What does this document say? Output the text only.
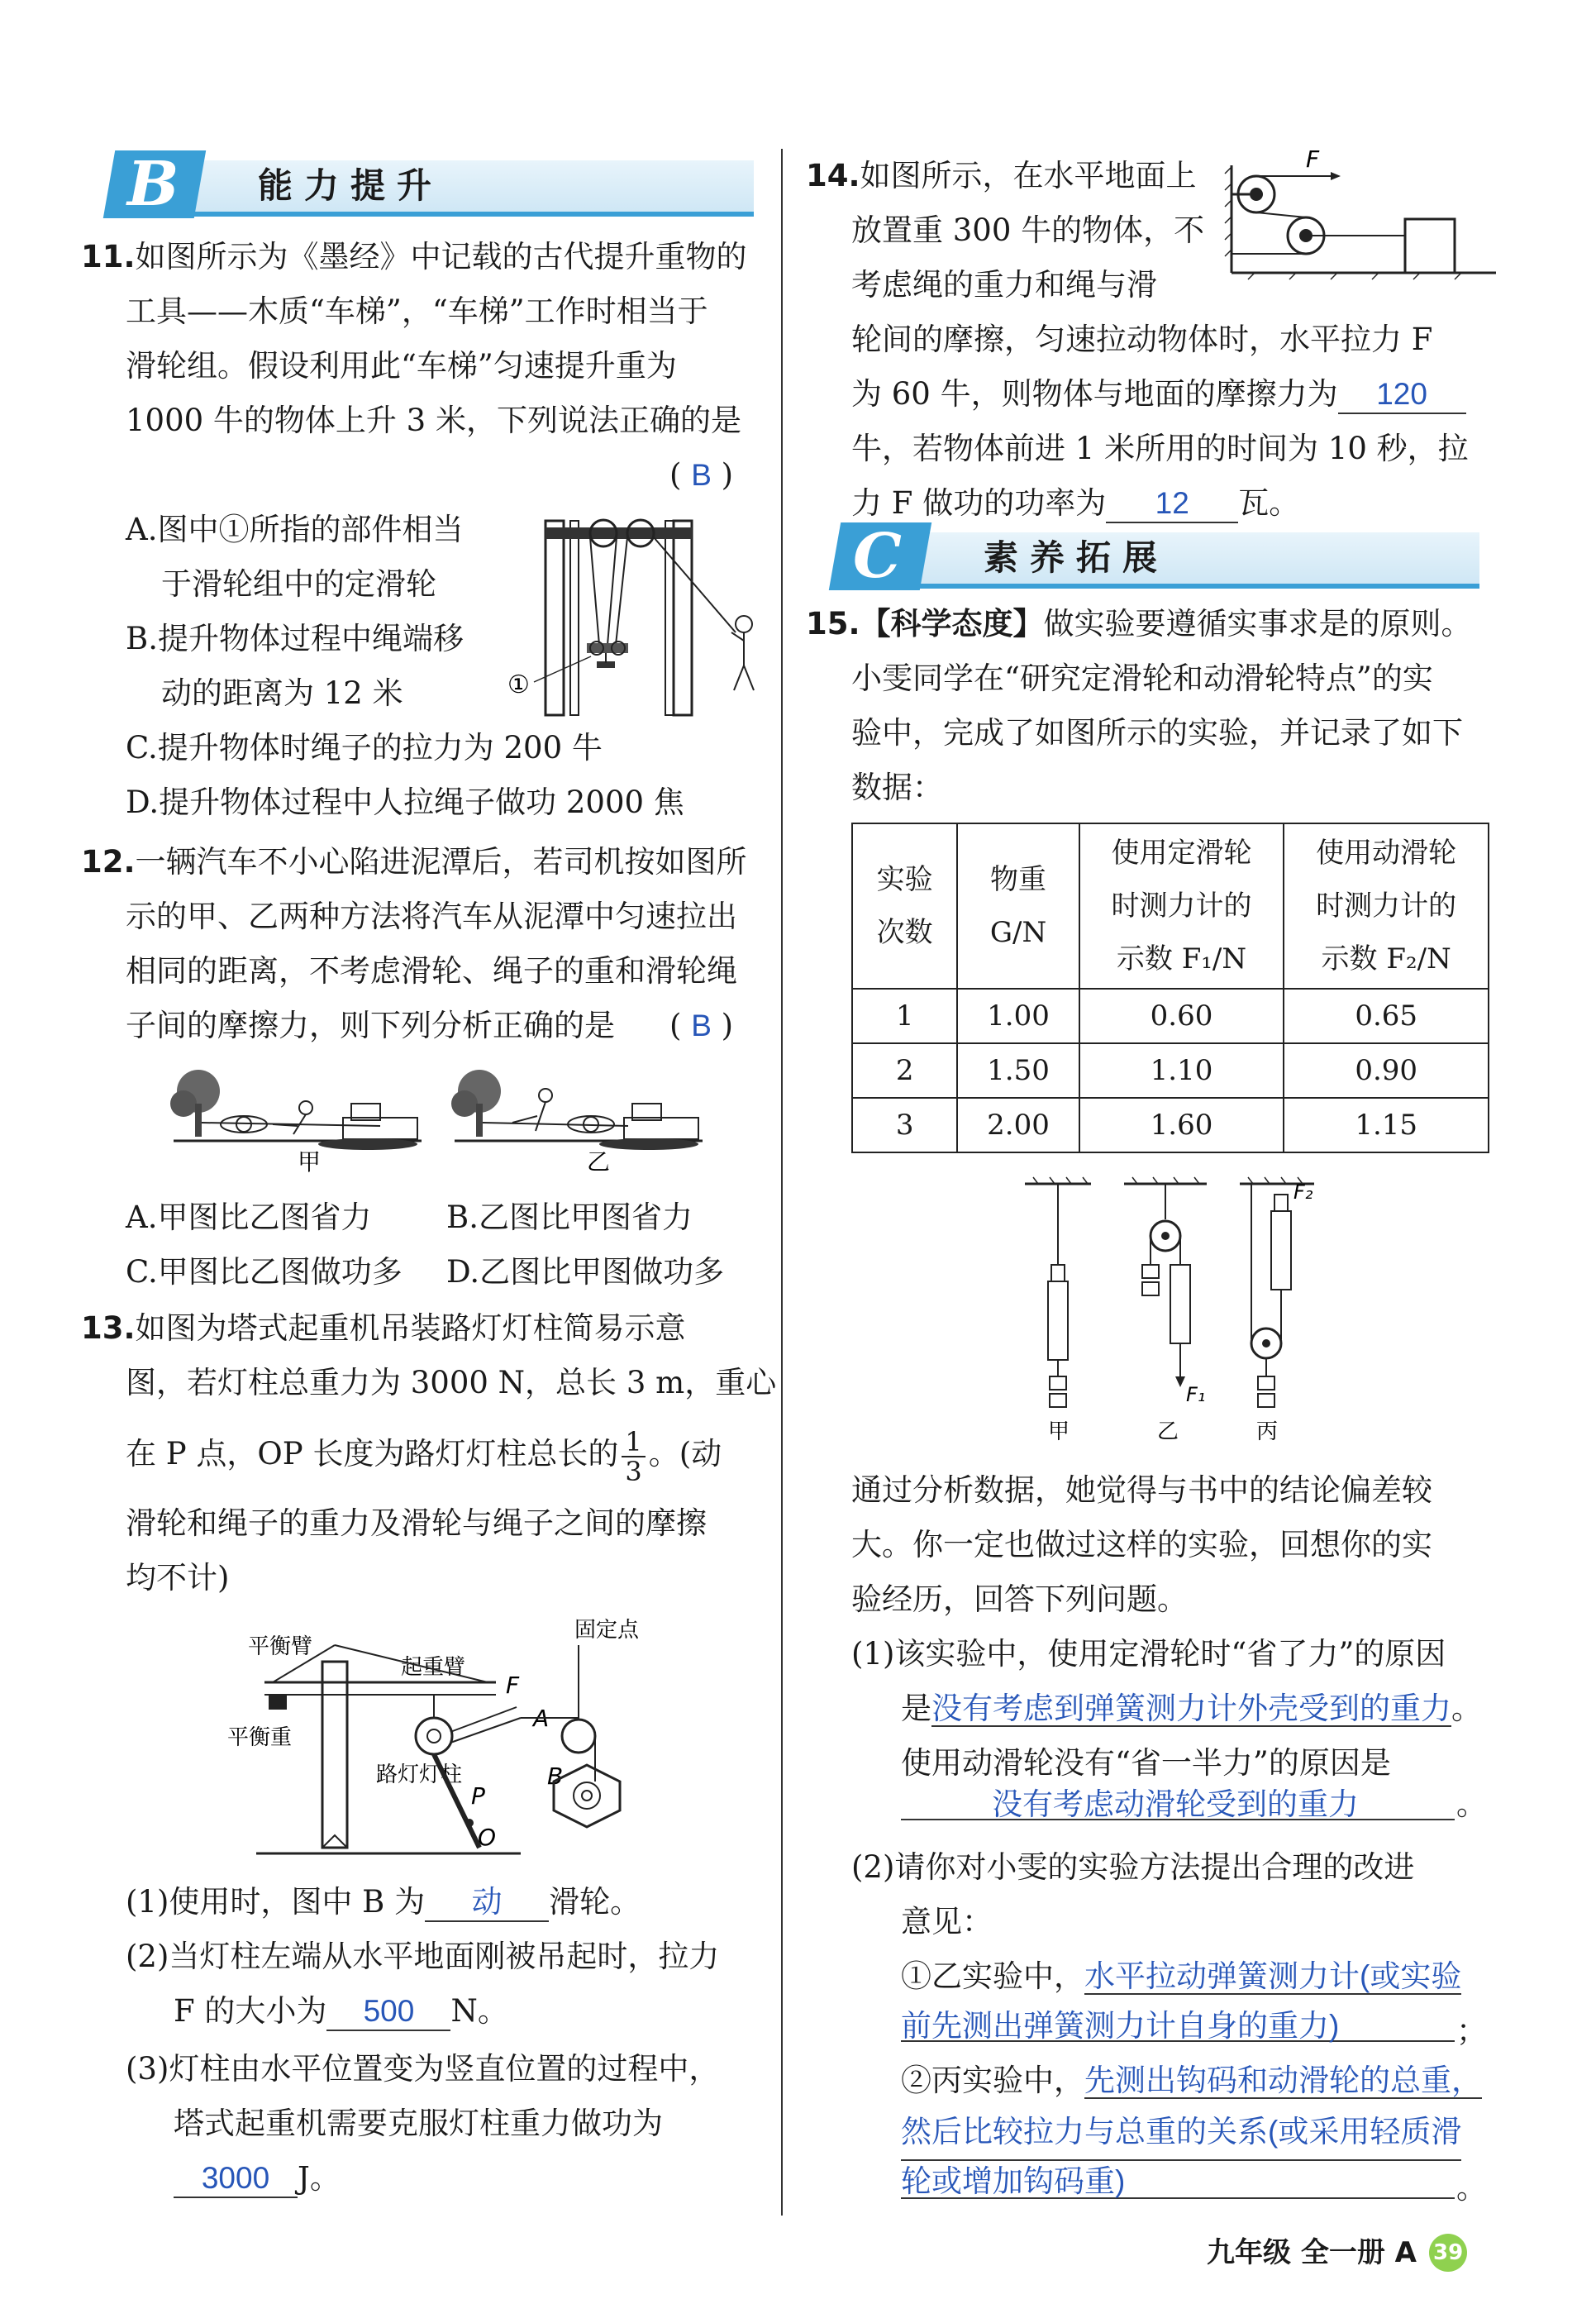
B 能力提升
11.如图所示为《墨经》中记载的古代提升重物的
工具——木质“车梯”，“车梯”工作时相当于
滑轮组。假设利用此“车梯”匀速提升重为
1000 牛的物体上升 3 米，下列说法正确的是
( B )
A.图中①所指的部件相当
于滑轮组中的定滑轮
B.提升物体过程中绳端移
动的距离为 12 米
C.提升物体时绳子的拉力为 200 牛
D.提升物体过程中人拉绳子做功 2000 焦
①
12.一辆汽车不小心陷进泥潭后，若司机按如图所
示的甲、乙两种方法将汽车从泥潭中匀速拉出
相同的距离，不考虑滑轮、绳子的重和滑轮绳
子间的摩擦力，则下列分析正确的是 ( B )
甲	乙
A.甲图比乙图省力 B.乙图比甲图省力
C.甲图比乙图做功多 D.乙图比甲图做功多
13.如图为塔式起重机吊装路灯灯柱简易示意
图，若灯柱总重力为 3000 N，总长 3 m，重心
在 P 点，OP 长度为路灯灯柱总长的 $\frac{1}{3}$ 。(动
滑轮和绳子的重力及滑轮与绳子之间的摩擦
均不计)
平衡臂
起重臂
固定点
平衡重
路灯灯柱
F
A
B
P
O
(1)使用时，图中 B 为 动 滑轮。
(2)当灯柱左端从水平地面刚被吊起时，拉力
F 的大小为 500 N。
(3)灯柱由水平位置变为竖直位置的过程中，
塔式起重机需要克服灯柱重力做功为
3000 J。
14.如图所示，在水平地面上
放置重 300 牛的物体，不
考虑绳的重力和绳与滑
F
轮间的摩擦，匀速拉动物体时，水平拉力 F
为 60 牛，则物体与地面的摩擦力为 120
牛，若物体前进 1 米所用的时间为 10 秒，拉
力 F 做功的功率为 12 瓦。
C 素养拓展
15.【科学态度】做实验要遵循实事求是的原则。
小雯同学在“研究定滑轮和动滑轮特点”的实
验中，完成了如图所示的实验，并记录了如下
数据：
实验
次数	物重
G/N	使用定滑轮
时测力计的
示数 F₁/N	使用动滑轮
时测力计的
示数 F₂/N
1	1.00	0.60	0.65
2	1.50	1.10	0.90
3	2.00	1.60	1.15
甲
F₁
乙
F₂
丙
通过分析数据，她觉得与书中的结论偏差较
大。你一定也做过这样的实验，回想你的实
验经历，回答下列问题。
(1)该实验中，使用定滑轮时“省了力”的原因
是没有考虑到弹簧测力计外壳受到的重力。
使用动滑轮没有“省一半力”的原因是
没有考虑动滑轮受到的重力	。
(2)请你对小雯的实验方法提出合理的改进
意见：
①乙实验中，水平拉动弹簧测力计(或实验
前先测出弹簧测力计自身的重力)	；
②丙实验中，先测出钩码和动滑轮的总重，
然后比较拉力与总重的关系(或采用轻质滑
轮或增加钩码重)	。
九年级 全一册 A 39
